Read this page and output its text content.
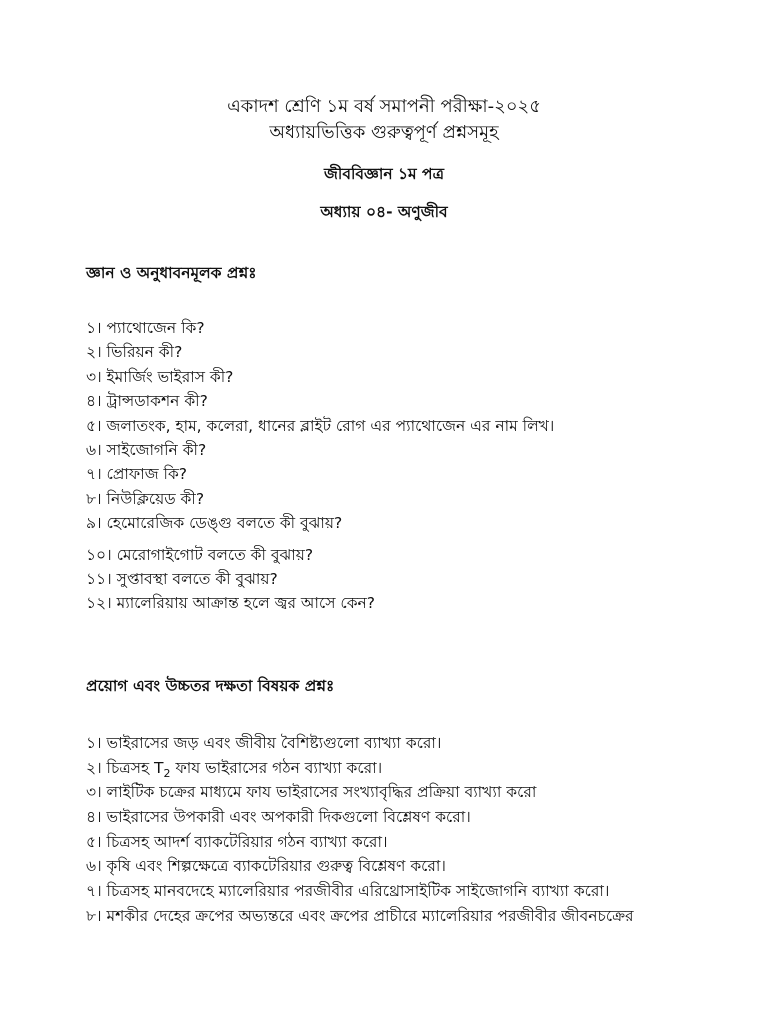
একাদশ শ্রেণি ১ম বর্ষ সমাপনী পরীক্ষা-২০২৫
অধ্যায়ভিত্তিক গুরুত্বপূর্ণ প্রশ্নসমূহ
জীববিজ্ঞান ১ম পত্র
অধ্যায় ০৪- অণুজীব
জ্ঞান ও অনুধাবনমূলক প্রশ্নঃ
১। প্যাথোজেন কি?
২। ভিরিয়ন কী?
৩। ইমার্জিং ভাইরাস কী?
৪। ট্রান্সডাকশন কী?
৫। জলাতংক, হাম, কলেরা, ধানের ব্লাইট রোগ এর প্যাথোজেন এর নাম লিখ।
৬। সাইজোগনি কী?
৭। প্রোফাজ কি?
৮। নিউক্লিয়েড কী?
৯। হেমোরেজিক ডেঙ্গু বলতে কী বুঝায়?
১০। মেরোগাইগোট বলতে কী বুঝায়?
১১। সুপ্তাবস্থা বলতে কী বুঝায়?
১২। ম্যালেরিয়ায় আক্রান্ত হলে জ্বর আসে কেন?
প্রয়োগ এবং উচ্চতর দক্ষতা বিষয়ক প্রশ্নঃ
১। ভাইরাসের জড় এবং জীবীয় বৈশিষ্ট্যগুলো ব্যাখ্যা করো।
২। চিত্রসহ $T_2$ ফায ভাইরাসের গঠন ব্যাখ্যা করো।
৩। লাইটিক চক্রের মাধ্যমে ফায ভাইরাসের সংখ্যাবৃদ্ধির প্রক্রিয়া ব্যাখ্যা করো
৪। ভাইরাসের উপকারী এবং অপকারী দিকগুলো বিশ্লেষণ করো।
৫। চিত্রসহ আদর্শ ব্যাকটেরিয়ার গঠন ব্যাখ্যা করো।
৬। কৃষি এবং শিল্পক্ষেত্রে ব্যাকটেরিয়ার গুরুত্ব বিশ্লেষণ করো।
৭। চিত্রসহ মানবদেহে ম্যালেরিয়ার পরজীবীর এরিথ্রোসাইটিক সাইজোগনি ব্যাখ্যা করো।
৮। মশকীর দেহের ক্রপের অভ্যন্তরে এবং ক্রপের প্রাচীরে ম্যালেরিয়ার পরজীবীর জীবনচক্রের
